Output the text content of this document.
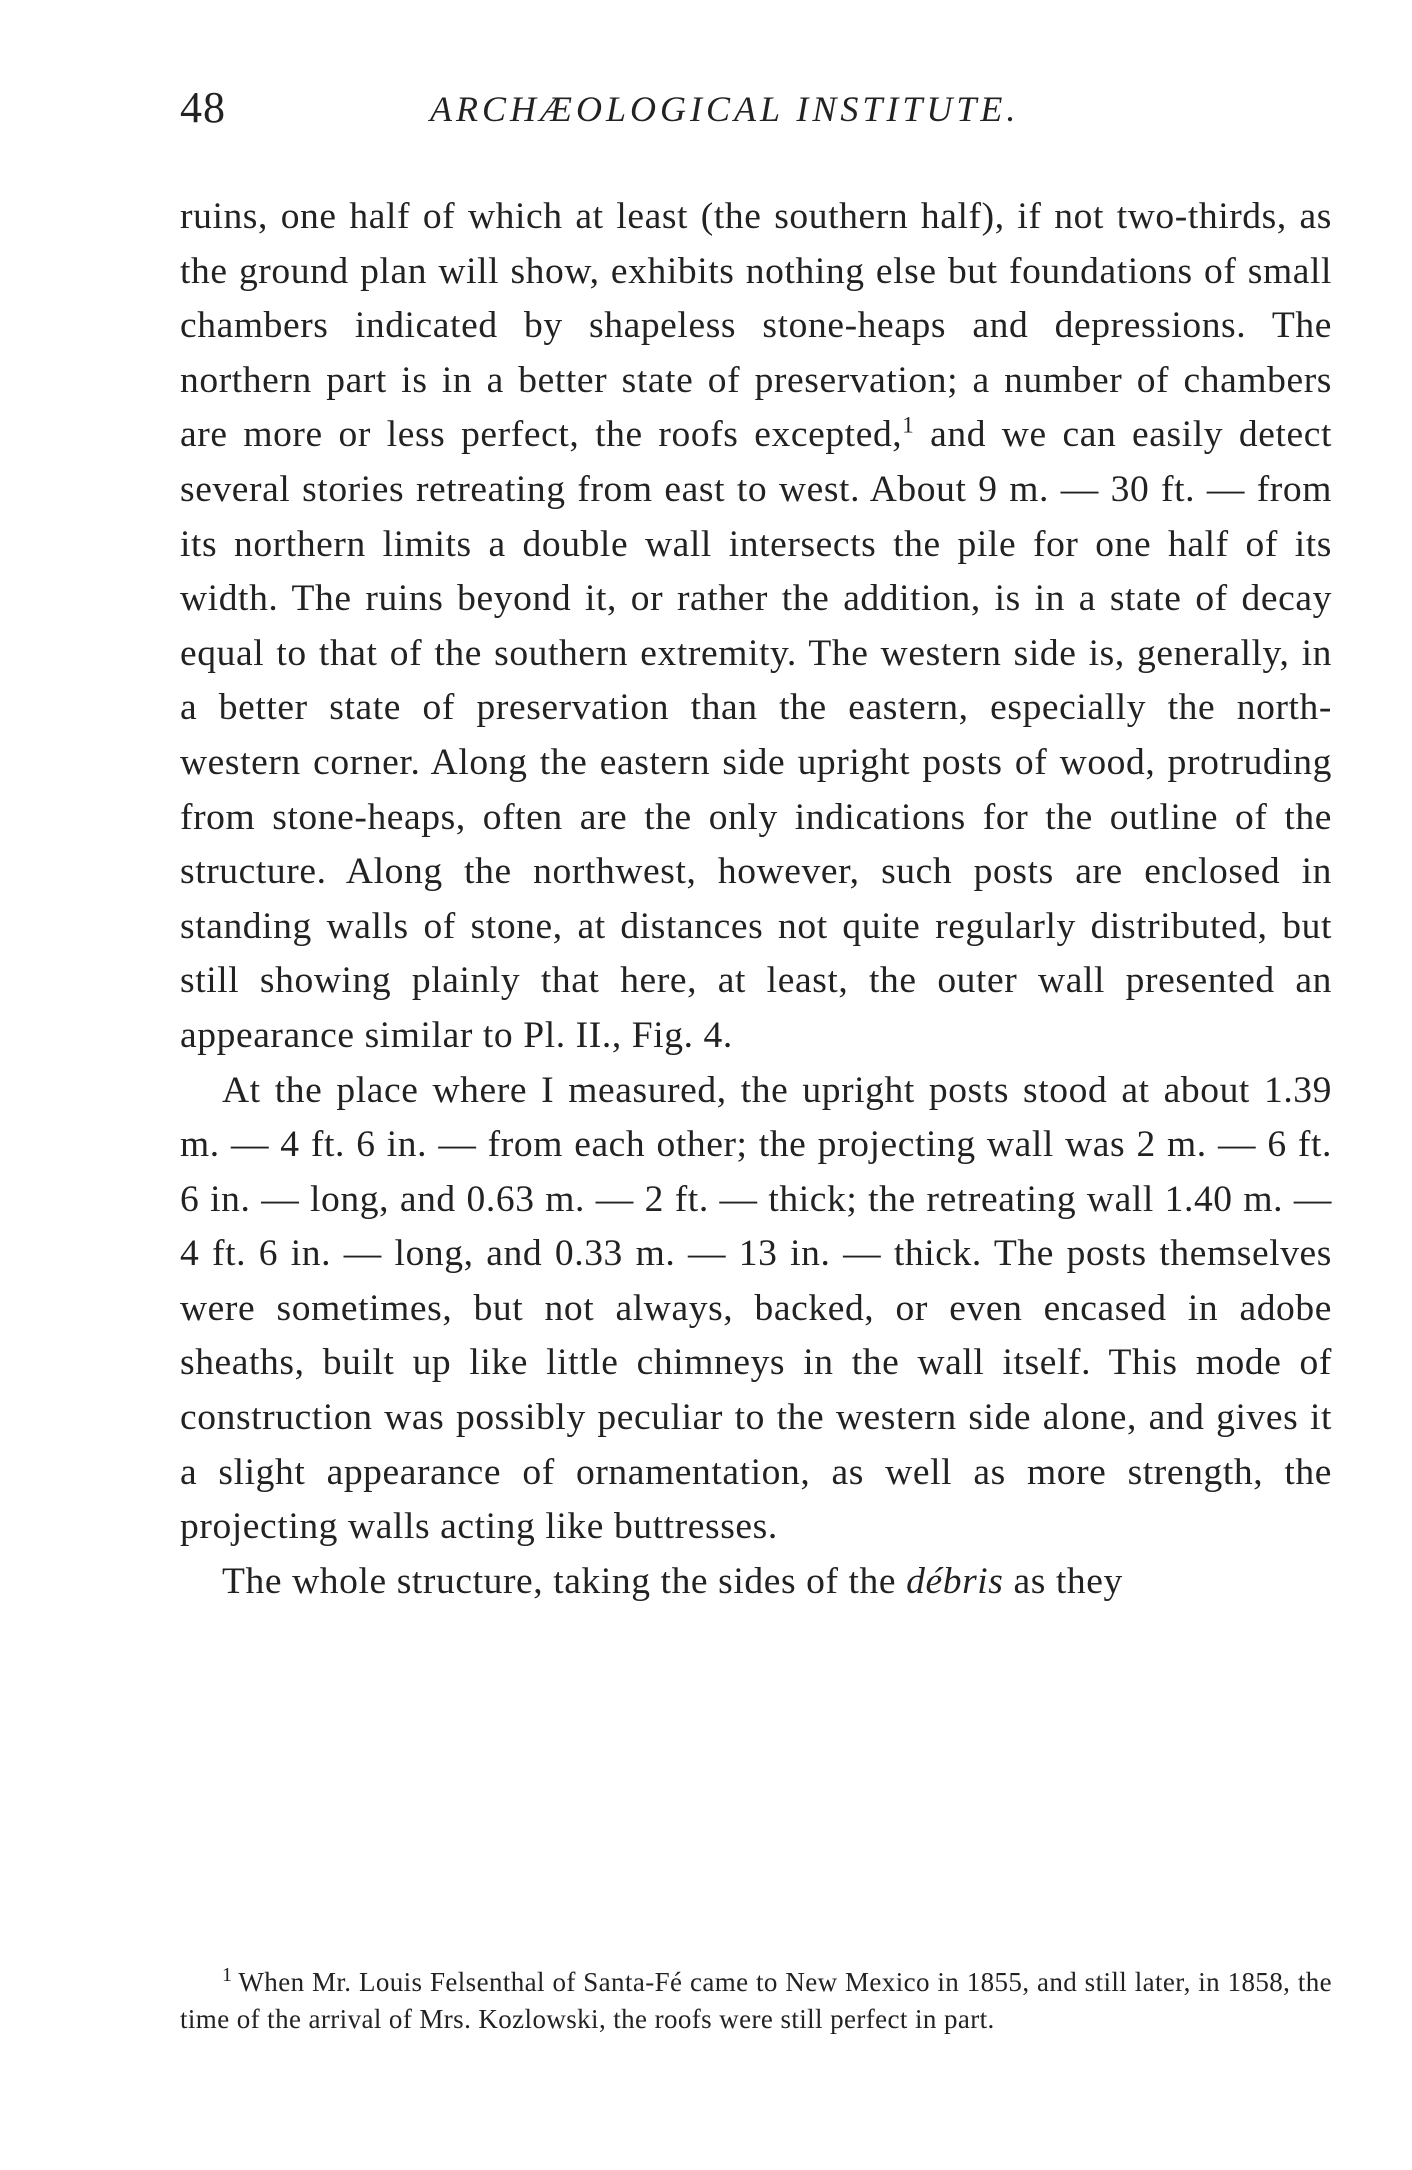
48	ARCHÆOLOGICAL INSTITUTE.

ruins, one half of which at least (the southern half), if not two-thirds, as the ground plan will show, exhibits nothing else but foundations of small chambers indicated by shapeless stone-heaps and depressions. The northern part is in a better state of preservation; a number of chambers are more or less perfect, the roofs excepted,$^1$ and we can easily detect several stories retreating from east to west. About 9 m. — 30 ft. — from its northern limits a double wall intersects the pile for one half of its width. The ruins beyond it, or rather the addition, is in a state of decay equal to that of the southern extremity. The western side is, generally, in a better state of preservation than the eastern, especially the north-western corner. Along the eastern side upright posts of wood, protruding from stone-heaps, often are the only indications for the outline of the structure. Along the northwest, however, such posts are enclosed in standing walls of stone, at distances not quite regularly distributed, but still showing plainly that here, at least, the outer wall presented an appearance similar to Pl. II., Fig. 4.

At the place where I measured, the upright posts stood at about 1.39 m. — 4 ft. 6 in. — from each other; the projecting wall was 2 m. — 6 ft. 6 in. — long, and 0.63 m. — 2 ft. — thick; the retreating wall 1.40 m. — 4 ft. 6 in. — long, and 0.33 m. — 13 in. — thick. The posts themselves were sometimes, but not always, backed, or even encased in adobe sheaths, built up like little chimneys in the wall itself. This mode of construction was possibly peculiar to the western side alone, and gives it a slight appearance of ornamentation, as well as more strength, the projecting walls acting like buttresses.

The whole structure, taking the sides of the débris as they

$^1$ When Mr. Louis Felsenthal of Santa-Fé came to New Mexico in 1855, and still later, in 1858, the time of the arrival of Mrs. Kozlowski, the roofs were still perfect in part.
